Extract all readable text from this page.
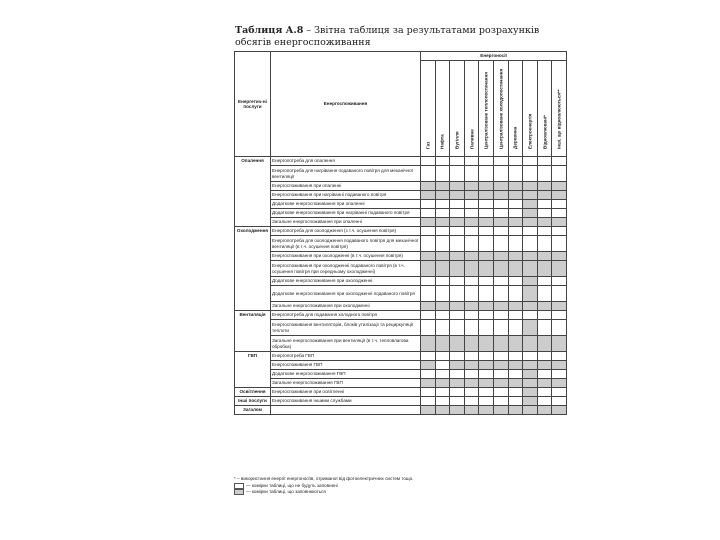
Таблиця А.8 – Звітна таблиця за результатами розрахунків обсягів енергоспоживання
Енергетич-ні послуги	Енергоспоживання	Енергоносії									

		Газ	Нафта	Вугілля	Паливне	Централізоване теплопостачання	Централізоване холодопостачання	Деревина	Електроенергія	Відновлювані*	Інші, що відновлюються**

Опалення	Енергопотреба для опалення										
	Енергопотреба для нагрівання подаваного повітря для механічної вентиляції										
	Енергоспоживання при опаленні										
	Енергоспоживання при нагріванні подаваного повітря										
	Додаткове енергоспоживання при опаленні										
	Додаткове енергоспоживання при нагріванні подаваного повітря										
	Загальне енергоспоживання при опаленні										
Охолодження	Енергопотреба для охолодження (з т.ч. осушення повітря)										
	Енергопотреба для охолодження подаваного повітря для механічної вентиляції (в т.ч. осушення повітря)										
	Енергоспоживання при охолодженні (в т.ч. осушення повітря)										
	Енергоспоживання при охолодженні подаваного повітря (в т.ч. осушення повітря при середньому охолодженні)										
	Додаткове енергоспоживання при охолодженні										
	Додаткове енергоспоживання при охолодженні подаваного повітря										
	Загальне енергоспоживання при охолодженні										
Вентиляція	Енергопотреба для подавання холодного повітря										
	Енергоспоживання вентиляторів, блоків утилізації та рециркуляції теплоти										
	Загальне енергоспоживання при вентиляції (в т.ч. тепловлагова обробка)										
ГВП	Енергопотреба ГВП										
	Енергоспоживання ГВП										
	Додаткове енергоспоживання ГВП										
	Загальне енергоспоживання ГВП										
Освітлення	Енергоспоживання при освітленні										
Інші послуги	Енергоспоживання іншими службами										
Загалом											
* – використання енергії енергоносіїв, отриманої від фотоелектричних систем тощо.
— комірки таблиці, що не будуть заповнені
— комірки таблиці, що заповнюються
